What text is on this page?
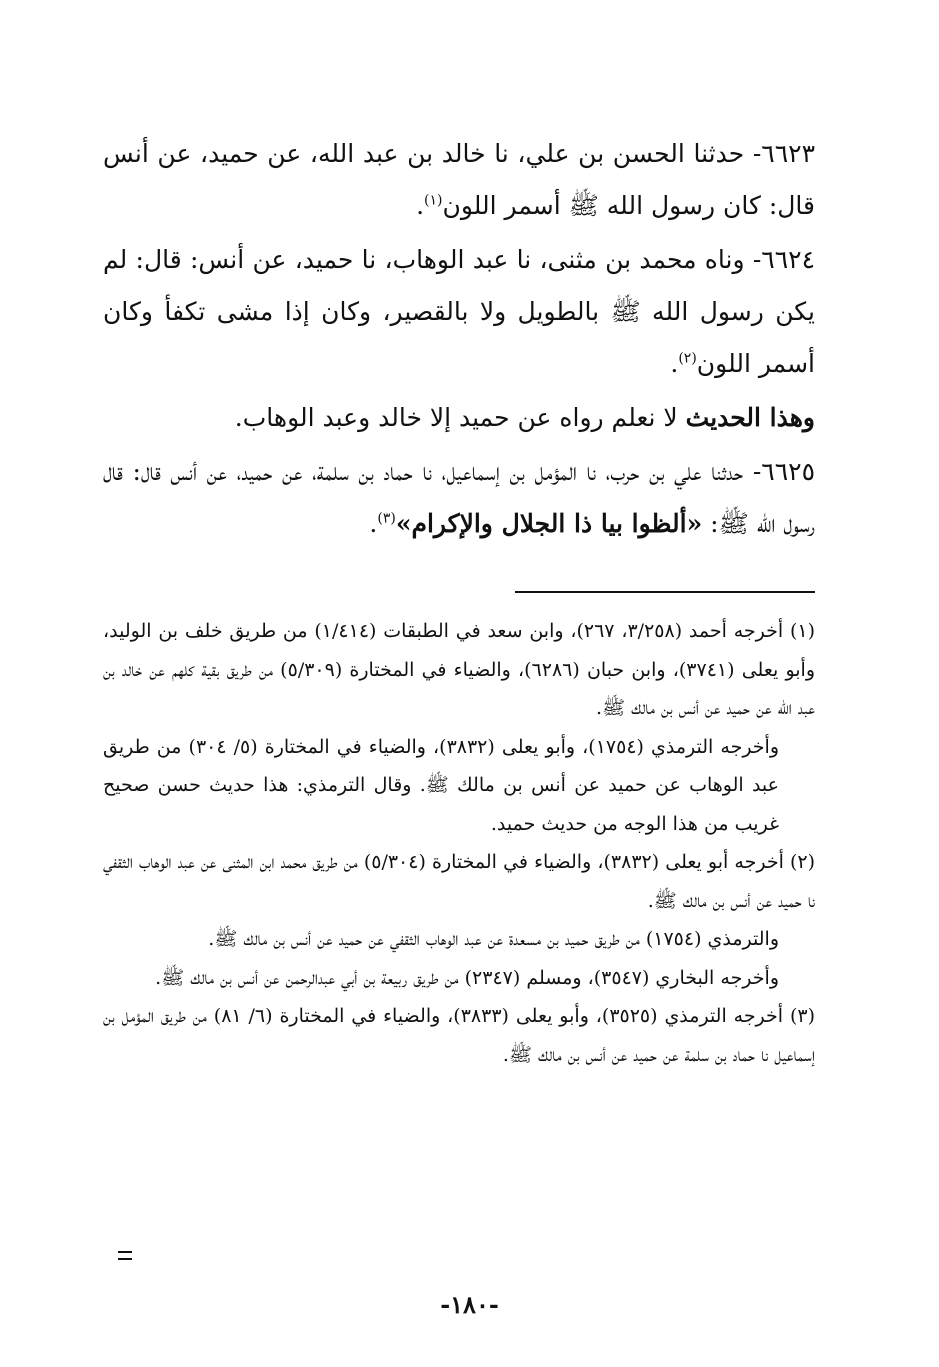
٦٦٢٣- حدثنا الحسن بن علي، نا خالد بن عبد الله، عن حميد، عن أنس قال: كان رسول الله ﷺ أسمر اللون$^{(١)}$.

٦٦٢٤- وناه محمد بن مثنى، نا عبد الوهاب، نا حميد، عن أنس: قال: لم يكن رسول الله ﷺ بالطويل ولا بالقصير، وكان إذا مشى تكفأ وكان أسمر اللون$^{(٢)}$.

وهذا الحديث لا نعلم رواه عن حميد إلا خالد وعبد الوهاب.

٦٦٢٥- حدثنا علي بن حرب، نا المؤمل بن إسماعيل، نا حماد بن سلمة، عن حميد، عن أنس قال: قال رسول الله ﷺ: «ألظوا بيا ذا الجلال والإكرام»$^{(٣)}$.

(١) أخرجه أحمد (٣/٢٥٨، ٢٦٧)، وابن سعد في الطبقات (١/٤١٤) من طريق خلف بن الوليد، وأبو يعلى (٣٧٤١)، وابن حبان (٦٢٨٦)، والضياء في المختارة (٥/٣٠٩) من طريق بقية كلهم عن خالد بن عبد الله عن حميد عن أنس بن مالك ﷺ.

وأخرجه الترمذي (١٧٥٤)، وأبو يعلى (٣٨٣٢)، والضياء في المختارة (٥/ ٣٠٤) من طريق عبد الوهاب عن حميد عن أنس بن مالك ﷺ. وقال الترمذي: هذا حديث حسن صحيح غريب من هذا الوجه من حديث حميد.

(٢) أخرجه أبو يعلى (٣٨٣٢)، والضياء في المختارة (٥/٣٠٤) من طريق محمد ابن المثنى عن عبد الوهاب الثقفي نا حميد عن أنس بن مالك ﷺ.

والترمذي (١٧٥٤) من طريق حميد بن مسعدة عن عبد الوهاب الثقفي عن حميد عن أنس بن مالك ﷺ.

وأخرجه البخاري (٣٥٤٧)، ومسلم (٢٣٤٧) من طريق ربيعة بن أبي عبدالرحمن عن أنس بن مالك ﷺ.

(٣) أخرجه الترمذي (٣٥٢٥)، وأبو يعلى (٣٨٣٣)، والضياء في المختارة (٦/ ٨١) من طريق المؤمل بن إسماعيل نا حماد بن سلمة عن حميد عن أنس بن مالك ﷺ.

-١٨٠-
